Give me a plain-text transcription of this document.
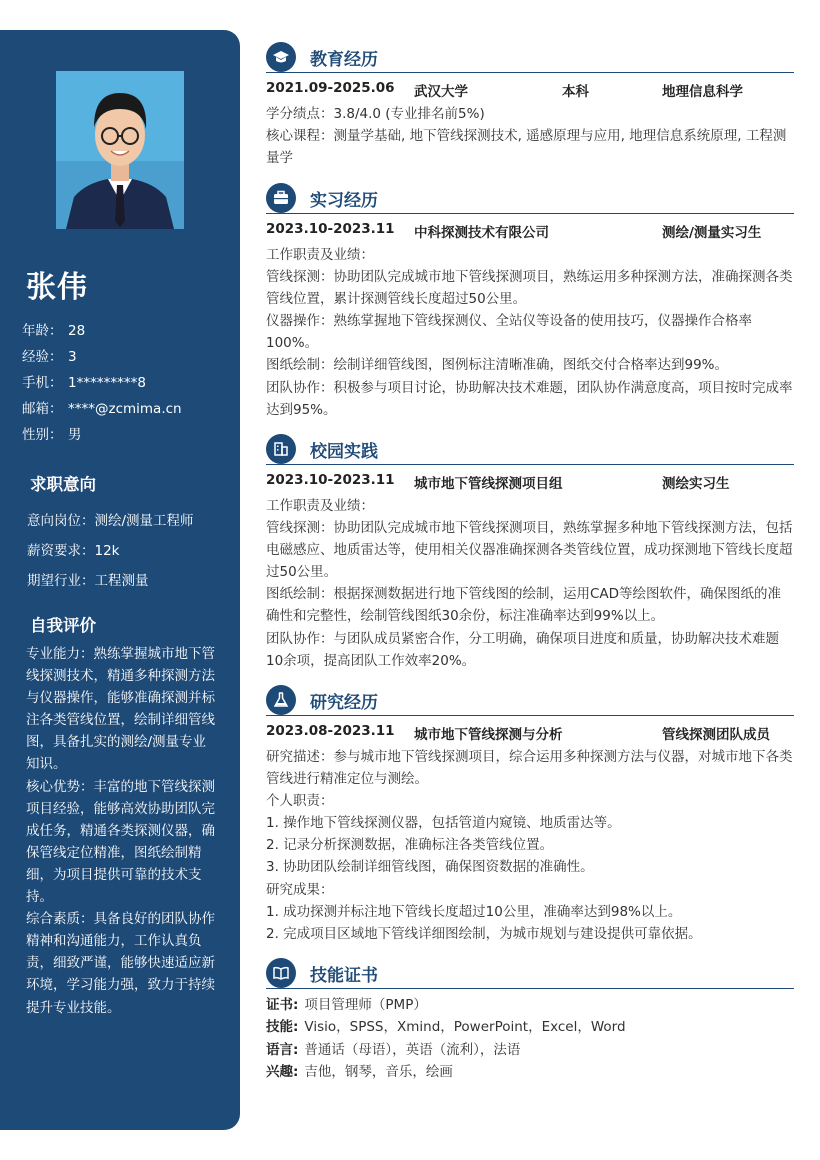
张伟
年龄： 28
经验： 3
手机： 1*********8
邮箱： ****@zcmima.cn
性别： 男
求职意向
意向岗位：测绘/测量工程师
薪资要求：12k
期望行业：工程测量
自我评价
专业能力：熟练掌握城市地下管线探测技术，精通多种探测方法与仪器操作，能够准确探测并标注各类管线位置，绘制详细管线图，具备扎实的测绘/测量专业知识。
核心优势：丰富的地下管线探测项目经验，能够高效协助团队完成任务，精通各类探测仪器，确保管线定位精准，图纸绘制精细，为项目提供可靠的技术支持。
综合素质：具备良好的团队协作精神和沟通能力，工作认真负责，细致严谨，能够快速适应新环境，学习能力强，致力于持续提升专业技能。
教育经历
2021.09-2025.06 武汉大学	本科	地理信息科学

学分绩点：3.8/4.0 (专业排名前5%)

核心课程：测量学基础, 地下管线探测技术, 遥感原理与应用, 地理信息系统原理, 工程测量学

实习经历
2023.10-2023.11 中科探测技术有限公司	测绘/测量实习生

工作职责及业绩：

管线探测：协助团队完成城市地下管线探测项目，熟练运用多种探测方法，准确探测各类管线位置，累计探测管线长度超过50公里。

仪器操作：熟练掌握地下管线探测仪、全站仪等设备的使用技巧，仪器操作合格率100%。

图纸绘制：绘制详细管线图，图例标注清晰准确，图纸交付合格率达到99%。

团队协作：积极参与项目讨论，协助解决技术难题，团队协作满意度高，项目按时完成率达到95%。

校园实践
2023.10-2023.11 城市地下管线探测项目组	测绘实习生

工作职责及业绩：

管线探测：协助团队完成城市地下管线探测项目，熟练掌握多种地下管线探测方法，包括电磁感应、地质雷达等，使用相关仪器准确探测各类管线位置，成功探测地下管线长度超过50公里。

图纸绘制：根据探测数据进行地下管线图的绘制，运用CAD等绘图软件，确保图纸的准确性和完整性，绘制管线图纸30余份，标注准确率达到99%以上。

团队协作：与团队成员紧密合作，分工明确，确保项目进度和质量，协助解决技术难题10余项，提高团队工作效率20%。

研究经历
2023.08-2023.11 城市地下管线探测与分析	管线探测团队成员

研究描述：参与城市地下管线探测项目，综合运用多种探测方法与仪器，对城市地下各类管线进行精准定位与测绘。

个人职责：

1. 操作地下管线探测仪器，包括管道内窥镜、地质雷达等。

2. 记录分析探测数据，准确标注各类管线位置。

3. 协助团队绘制详细管线图，确保图资数据的准确性。

研究成果：

1. 成功探测并标注地下管线长度超过10公里，准确率达到98%以上。

2. 完成项目区域地下管线详细图绘制，为城市规划与建设提供可靠依据。

技能证书
证书: 项目管理师（PMP）
技能: Visio，SPSS，Xmind，PowerPoint，Excel，Word
语言: 普通话（母语），英语（流利），法语
兴趣: 吉他，钢琴，音乐，绘画
